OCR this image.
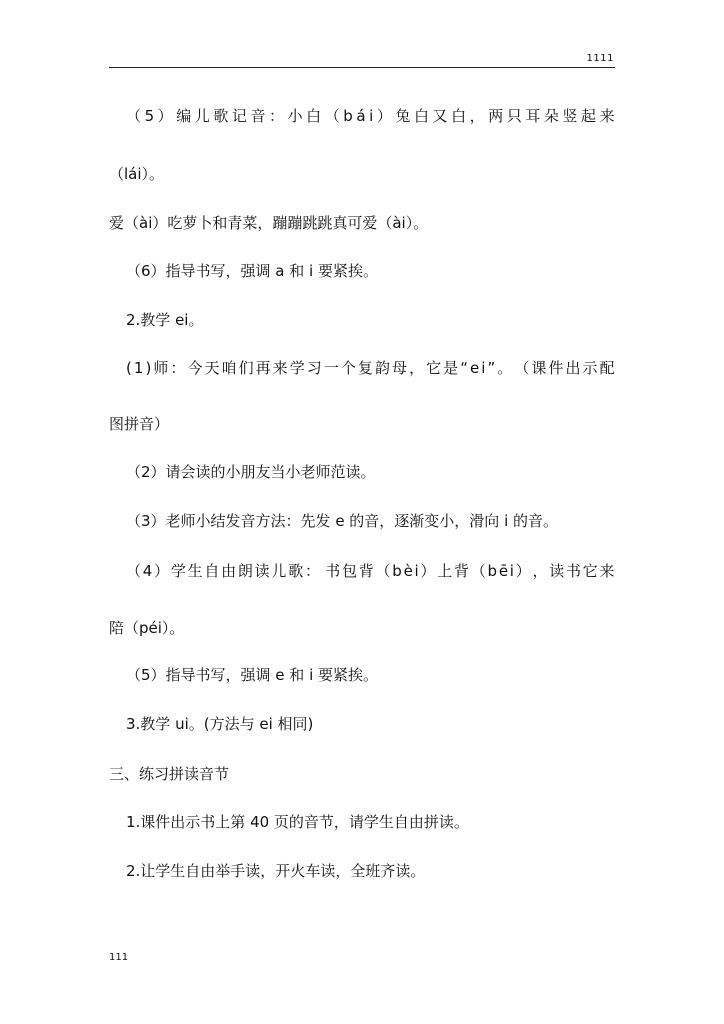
1111
（ 5 ） 编 儿 歌 记 音 ： 小 白 （ b á i ） 兔 白 又 白 ， 两 只 耳 朵 竖 起 来
（lái）。
爱（ài）吃萝卜和青菜，蹦蹦跳跳真可爱（ài）。
（6）指导书写，强调 a 和 i 要紧挨。
2.教学 ei。
( 1 ) 师 ： 今 天 咱 们 再 来 学 习 一 个 复 韵 母 ， 它 是 “ e i ” 。 （ 课 件 出 示 配
图拼音）
（2）请会读的小朋友当小老师范读。
（3）老师小结发音方法：先发 e 的音，逐渐变小，滑向 i 的音。
（ 4 ） 学 生 自 由 朗 读 儿 歌 ： 书 包 背 （ b è i ） 上 背 （ b ē i ） ， 读 书 它 来
陪（péi）。
（5）指导书写，强调 e 和 i 要紧挨。
3.教学 ui。(方法与 ei 相同)
三、练习拼读音节
1.课件出示书上第 40 页的音节，请学生自由拼读。
2.让学生自由举手读，开火车读，全班齐读。
111
